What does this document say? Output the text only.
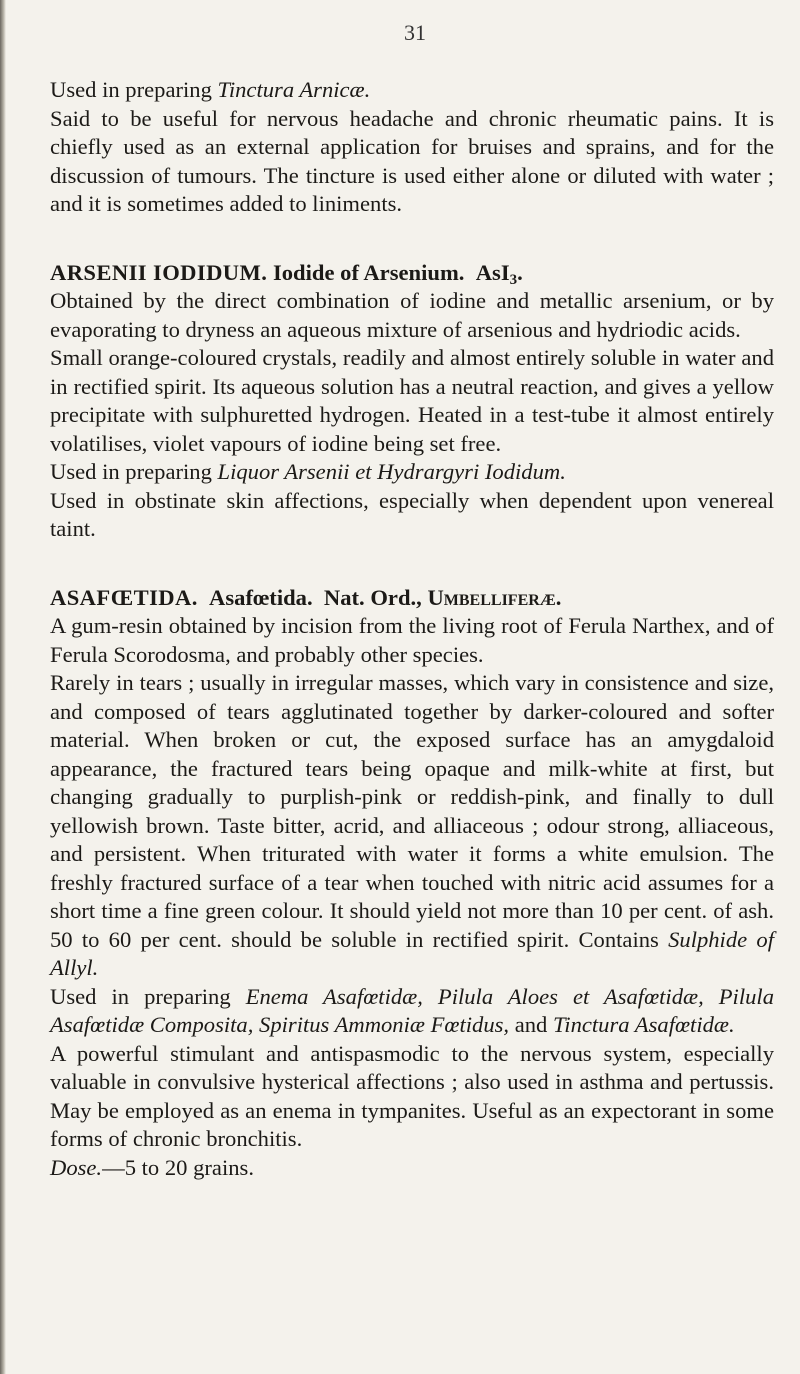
31

Used in preparing Tinctura Arnicæ.

Said to be useful for nervous headache and chronic rheumatic pains. It is chiefly used as an external application for bruises and sprains, and for the discussion of tumours. The tincture is used either alone or diluted with water ; and it is sometimes added to liniments.

ARSENII IODIDUM. Iodide of Arsenium. AsI$_3$.

Obtained by the direct combination of iodine and metallic arsenium, or by evaporating to dryness an aqueous mixture of arsenious and hydriodic acids.

Small orange-coloured crystals, readily and almost entirely soluble in water and in rectified spirit. Its aqueous solution has a neutral reaction, and gives a yellow precipitate with sulphuretted hydrogen. Heated in a test-tube it almost entirely volatilises, violet vapours of iodine being set free.

Used in preparing Liquor Arsenii et Hydrargyri Iodidum.

Used in obstinate skin affections, especially when dependent upon venereal taint.

ASAFŒTIDA. Asafœtida. Nat. Ord., Umbelliferæ.

A gum-resin obtained by incision from the living root of Ferula Narthex, and of Ferula Scorodosma, and probably other species.

Rarely in tears ; usually in irregular masses, which vary in consistence and size, and composed of tears agglutinated together by darker-coloured and softer material. When broken or cut, the exposed surface has an amygdaloid appearance, the fractured tears being opaque and milk-white at first, but changing gradually to purplish-pink or reddish-pink, and finally to dull yellowish brown. Taste bitter, acrid, and alliaceous ; odour strong, alliaceous, and persistent. When triturated with water it forms a white emulsion. The freshly fractured surface of a tear when touched with nitric acid assumes for a short time a fine green colour. It should yield not more than 10 per cent. of ash. 50 to 60 per cent. should be soluble in rectified spirit. Contains Sulphide of Allyl.

Used in preparing Enema Asafœtidæ, Pilula Aloes et Asafœtidæ, Pilula Asafœtidæ Composita, Spiritus Ammoniæ Fœtidus, and Tinctura Asafœtidæ.

A powerful stimulant and antispasmodic to the nervous system, especially valuable in convulsive hysterical affections ; also used in asthma and pertussis. May be employed as an enema in tympanites. Useful as an expectorant in some forms of chronic bronchitis.

Dose.—5 to 20 grains.
